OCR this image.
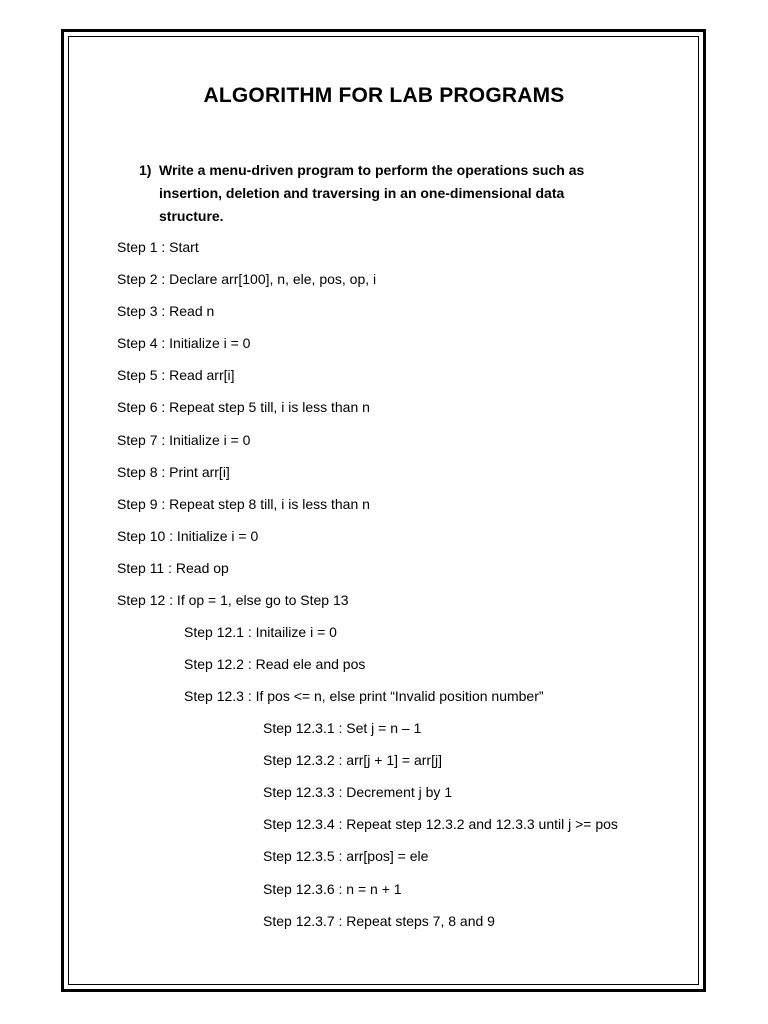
ALGORITHM FOR LAB PROGRAMS
1) Write a menu-driven program to perform the operations such as insertion, deletion and traversing in an one-dimensional data structure.
Step 1 : Start
Step 2 : Declare arr[100], n, ele, pos, op, i
Step 3 : Read n
Step 4 : Initialize i = 0
Step 5 : Read arr[i]
Step 6 : Repeat step 5 till, i is less than n
Step 7 : Initialize i = 0
Step 8 : Print arr[i]
Step 9 : Repeat step 8 till, i is less than n
Step 10 : Initialize i = 0
Step 11 : Read op
Step 12 : If op = 1, else go to Step 13
Step 12.1 : Initailize i = 0
Step 12.2 : Read ele and pos
Step 12.3 : If pos <= n, else print “Invalid position number”
Step 12.3.1 : Set j = n – 1
Step 12.3.2 : arr[j + 1] = arr[j]
Step 12.3.3 : Decrement j by 1
Step 12.3.4 : Repeat step 12.3.2 and 12.3.3 until j >= pos
Step 12.3.5 : arr[pos] = ele
Step 12.3.6 : n = n + 1
Step 12.3.7 : Repeat steps 7, 8 and 9
